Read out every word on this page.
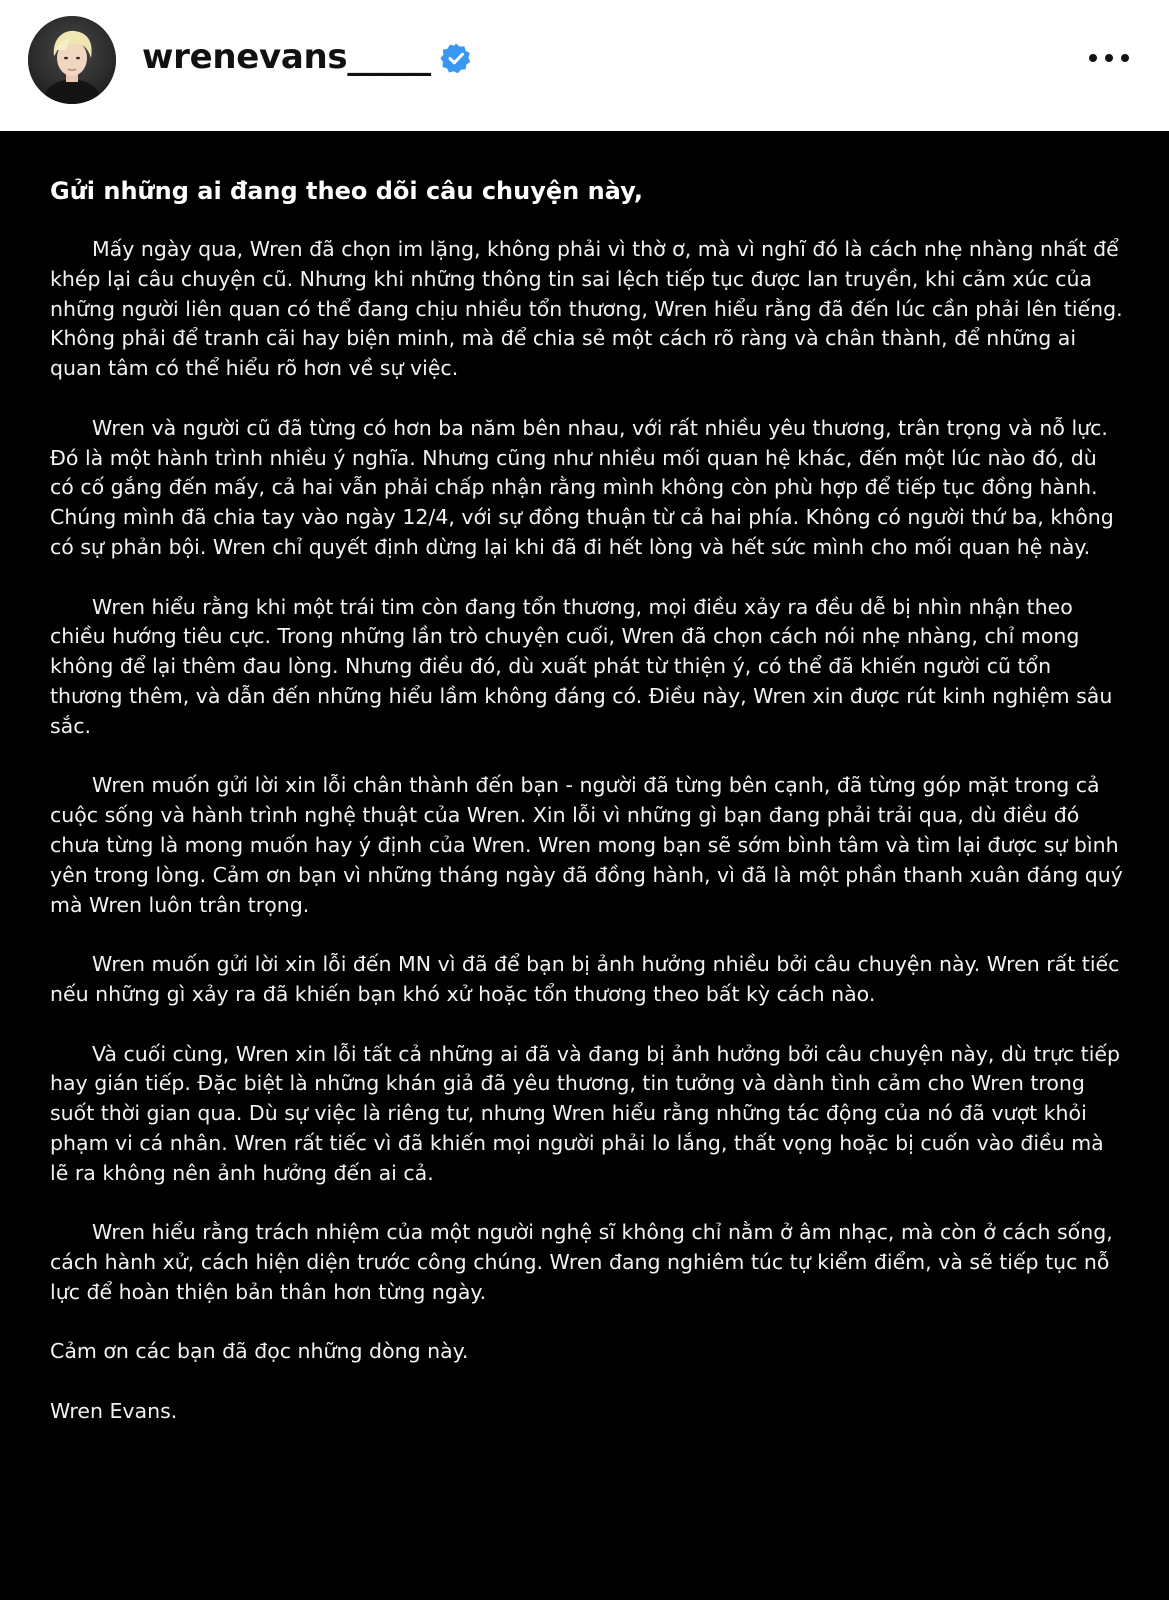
wrenevans_____

Gửi những ai đang theo dõi câu chuyện này,

Mấy ngày qua, Wren đã chọn im lặng, không phải vì thờ ơ, mà vì nghĩ đó là cách nhẹ nhàng nhất để khép lại câu chuyện cũ. Nhưng khi những thông tin sai lệch tiếp tục được lan truyền, khi cảm xúc của những người liên quan có thể đang chịu nhiều tổn thương, Wren hiểu rằng đã đến lúc cần phải lên tiếng. Không phải để tranh cãi hay biện minh, mà để chia sẻ một cách rõ ràng và chân thành, để những ai quan tâm có thể hiểu rõ hơn về sự việc.

Wren và người cũ đã từng có hơn ba năm bên nhau, với rất nhiều yêu thương, trân trọng và nỗ lực. Đó là một hành trình nhiều ý nghĩa. Nhưng cũng như nhiều mối quan hệ khác, đến một lúc nào đó, dù có cố gắng đến mấy, cả hai vẫn phải chấp nhận rằng mình không còn phù hợp để tiếp tục đồng hành. Chúng mình đã chia tay vào ngày 12/4, với sự đồng thuận từ cả hai phía. Không có người thứ ba, không có sự phản bội. Wren chỉ quyết định dừng lại khi đã đi hết lòng và hết sức mình cho mối quan hệ này.

Wren hiểu rằng khi một trái tim còn đang tổn thương, mọi điều xảy ra đều dễ bị nhìn nhận theo chiều hướng tiêu cực. Trong những lần trò chuyện cuối, Wren đã chọn cách nói nhẹ nhàng, chỉ mong không để lại thêm đau lòng. Nhưng điều đó, dù xuất phát từ thiện ý, có thể đã khiến người cũ tổn thương thêm, và dẫn đến những hiểu lầm không đáng có. Điều này, Wren xin được rút kinh nghiệm sâu sắc.

Wren muốn gửi lời xin lỗi chân thành đến bạn - người đã từng bên cạnh, đã từng góp mặt trong cả cuộc sống và hành trình nghệ thuật của Wren. Xin lỗi vì những gì bạn đang phải trải qua, dù điều đó chưa từng là mong muốn hay ý định của Wren. Wren mong bạn sẽ sớm bình tâm và tìm lại được sự bình yên trong lòng. Cảm ơn bạn vì những tháng ngày đã đồng hành, vì đã là một phần thanh xuân đáng quý mà Wren luôn trân trọng.

Wren muốn gửi lời xin lỗi đến MN vì đã để bạn bị ảnh hưởng nhiều bởi câu chuyện này. Wren rất tiếc nếu những gì xảy ra đã khiến bạn khó xử hoặc tổn thương theo bất kỳ cách nào.

Và cuối cùng, Wren xin lỗi tất cả những ai đã và đang bị ảnh hưởng bởi câu chuyện này, dù trực tiếp hay gián tiếp. Đặc biệt là những khán giả đã yêu thương, tin tưởng và dành tình cảm cho Wren trong suốt thời gian qua. Dù sự việc là riêng tư, nhưng Wren hiểu rằng những tác động của nó đã vượt khỏi phạm vi cá nhân. Wren rất tiếc vì đã khiến mọi người phải lo lắng, thất vọng hoặc bị cuốn vào điều mà lẽ ra không nên ảnh hưởng đến ai cả.

Wren hiểu rằng trách nhiệm của một người nghệ sĩ không chỉ nằm ở âm nhạc, mà còn ở cách sống, cách hành xử, cách hiện diện trước công chúng. Wren đang nghiêm túc tự kiểm điểm, và sẽ tiếp tục nỗ lực để hoàn thiện bản thân hơn từng ngày.

Cảm ơn các bạn đã đọc những dòng này.

Wren Evans.
